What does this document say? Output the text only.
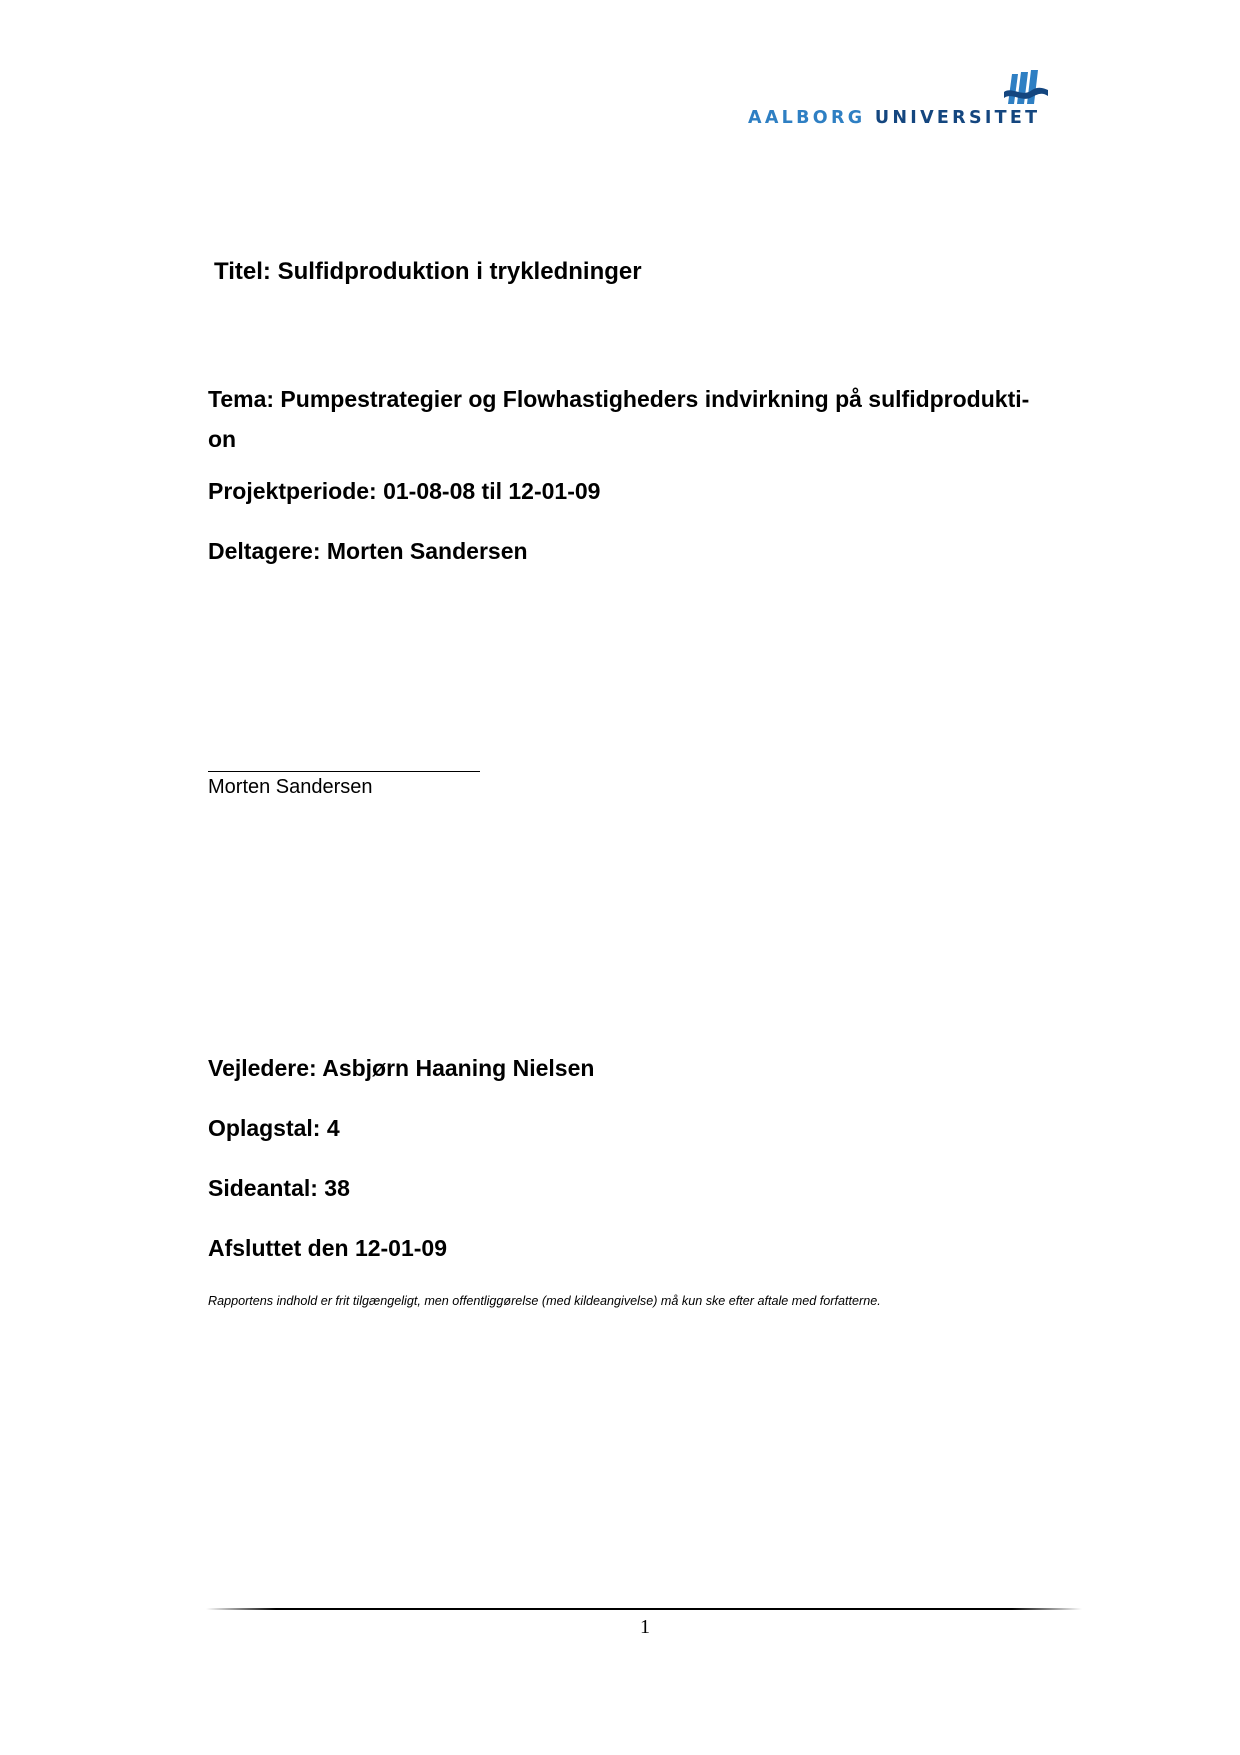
AALBORG UNIVERSITET
Titel: Sulfidproduktion i trykledninger
Tema: Pumpestrategier og Flowhastigheders indvirkning på sulfidprodukti-
on
Projektperiode: 01-08-08 til 12-01-09
Deltagere: Morten Sandersen
Morten Sandersen
Vejledere: Asbjørn Haaning Nielsen
Oplagstal: 4
Sideantal: 38
Afsluttet den 12-01-09
Rapportens indhold er frit tilgængeligt, men offentliggørelse (med kildeangivelse) må kun ske efter aftale med forfatterne.
1
